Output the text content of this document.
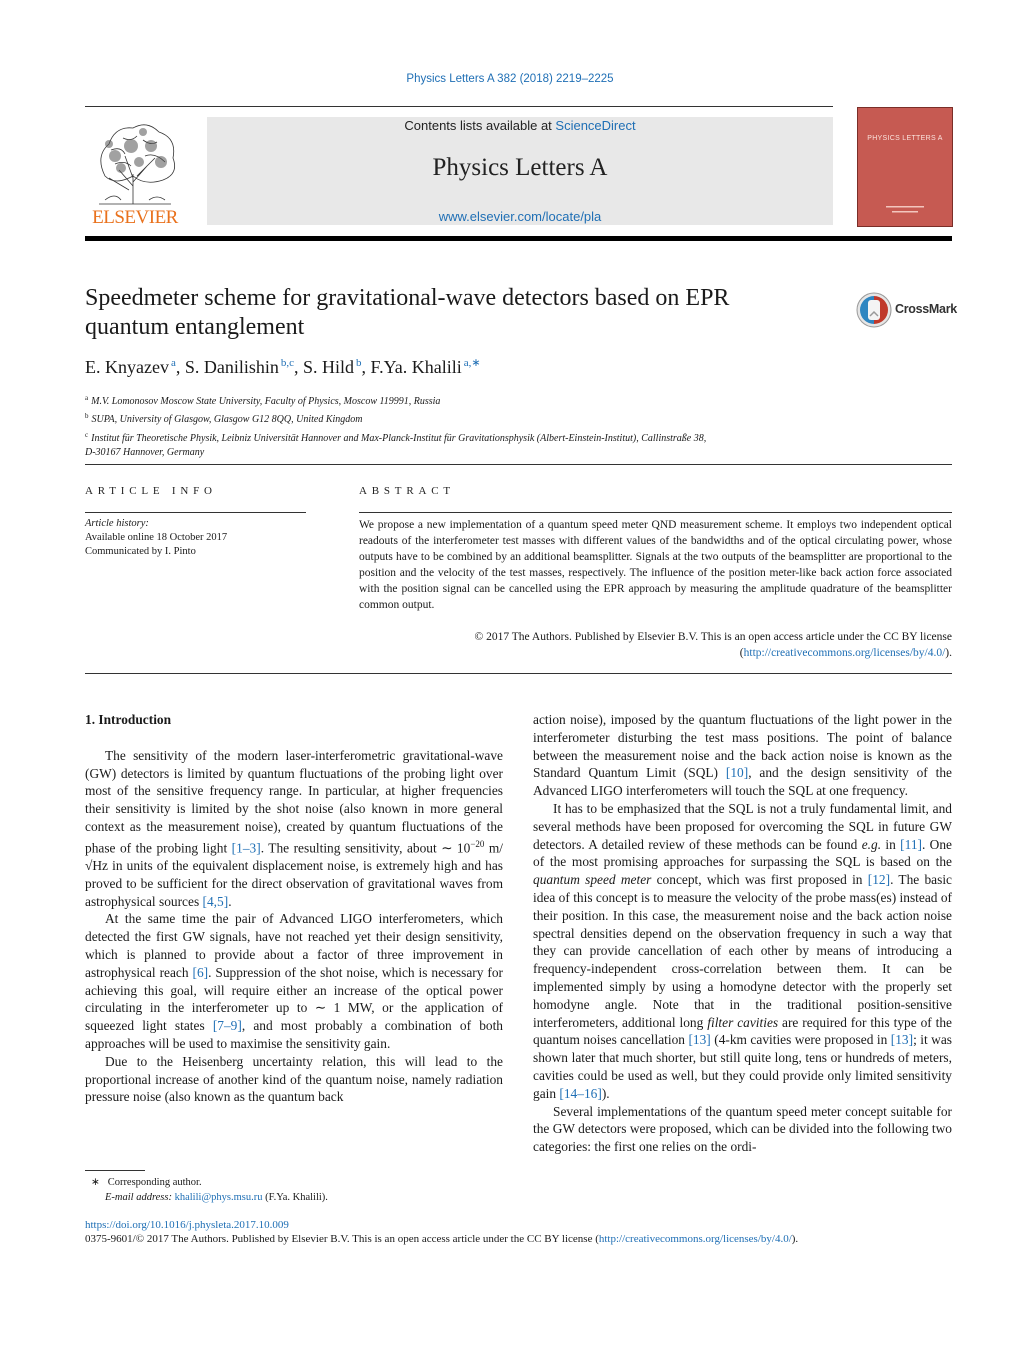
Physics Letters A 382 (2018) 2219–2225
ELSEVIER
Contents lists available at ScienceDirect
Physics Letters A
www.elsevier.com/locate/pla
PHYSICS LETTERS A
Speedmeter scheme for gravitational-wave detectors based on EPR quantum entanglement
CrossMark
E. Knyazev $^a$, S. Danilishin $^{b,c}$, S. Hild $^b$, F.Ya. Khalili $^{a,∗}$
$^a$ M.V. Lomonosov Moscow State University, Faculty of Physics, Moscow 119991, Russia
$^b$ SUPA, University of Glasgow, Glasgow G12 8QQ, United Kingdom
$^c$ Institut für Theoretische Physik, Leibniz Universität Hannover and Max-Planck-Institut für Gravitationsphysik (Albert-Einstein-Institut), Callinstraße 38,
D-30167 Hannover, Germany
ARTICLE INFO
Article history:
Available online 18 October 2017
Communicated by I. Pinto
ABSTRACT
We propose a new implementation of a quantum speed meter QND measurement scheme. It employs two independent optical readouts of the interferometer test masses with different values of the bandwidths and of the optical circulating power, whose outputs have to be combined by an additional beamsplitter. Signals at the two outputs of the beamsplitter are proportional to the position and the velocity of the test masses, respectively. The influence of the position meter-like back action force associated with the position signal can be cancelled using the EPR approach by measuring the amplitude quadrature of the beamsplitter common output.
© 2017 The Authors. Published by Elsevier B.V. This is an open access article under the CC BY license
(http://creativecommons.org/licenses/by/4.0/).

1. Introduction

The sensitivity of the modern laser-interferometric gravitational-wave (GW) detectors is limited by quantum fluctuations of the probing light over most of the sensitive frequency range. In particular, at higher frequencies their sensitivity is limited by the shot noise (also known in more general context as the measurement noise), created by quantum fluctuations of the phase of the probing light [1–3]. The resulting sensitivity, about ∼ $10^{-20}$ m/√Hz in units of the equivalent displacement noise, is extremely high and has proved to be sufficient for the direct observation of gravitational waves from astrophysical sources [4,5].

At the same time the pair of Advanced LIGO interferometers, which detected the first GW signals, have not reached yet their design sensitivity, which is planned to provide about a factor of three improvement in astrophysical reach [6]. Suppression of the shot noise, which is necessary for achieving this goal, will require either an increase of the optical power circulating in the interferometer up to ∼ 1 MW, or the application of squeezed light states [7–9], and most probably a combination of both approaches will be used to maximise the sensitivity gain.

Due to the Heisenberg uncertainty relation, this will lead to the proportional increase of another kind of the quantum noise, namely radiation pressure noise (also known as the quantum back

action noise), imposed by the quantum fluctuations of the light power in the interferometer disturbing the test mass positions. The point of balance between the measurement noise and the back action noise is known as the Standard Quantum Limit (SQL) [10], and the design sensitivity of the Advanced LIGO interferometers will touch the SQL at one frequency.

It has to be emphasized that the SQL is not a truly fundamental limit, and several methods have been proposed for overcoming the SQL in future GW detectors. A detailed review of these methods can be found e.g. in [11]. One of the most promising approaches for surpassing the SQL is based on the quantum speed meter concept, which was first proposed in [12]. The basic idea of this concept is to measure the velocity of the probe mass(es) instead of their position. In this case, the measurement noise and the back action noise spectral densities depend on the observation frequency in such a way that they can provide cancellation of each other by means of introducing a frequency-independent cross-correlation between them. It can be implemented simply by using a homodyne detector with the properly set homodyne angle. Note that in the traditional position-sensitive interferometers, additional long filter cavities are required for this type of the quantum noises cancellation [13] (4-km cavities were proposed in [13]; it was shown later that much shorter, but still quite long, tens or hundreds of meters, cavities could be used as well, but they could provide only limited sensitivity gain [14–16]).

Several implementations of the quantum speed meter concept suitable for the GW detectors were proposed, which can be divided into the following two categories: the first one relies on the ordi-

∗ Corresponding author.
E-mail address: khalili@phys.msu.ru (F.Ya. Khalili).
https://doi.org/10.1016/j.physleta.2017.10.009
0375-9601/© 2017 The Authors. Published by Elsevier B.V. This is an open access article under the CC BY license (http://creativecommons.org/licenses/by/4.0/).
